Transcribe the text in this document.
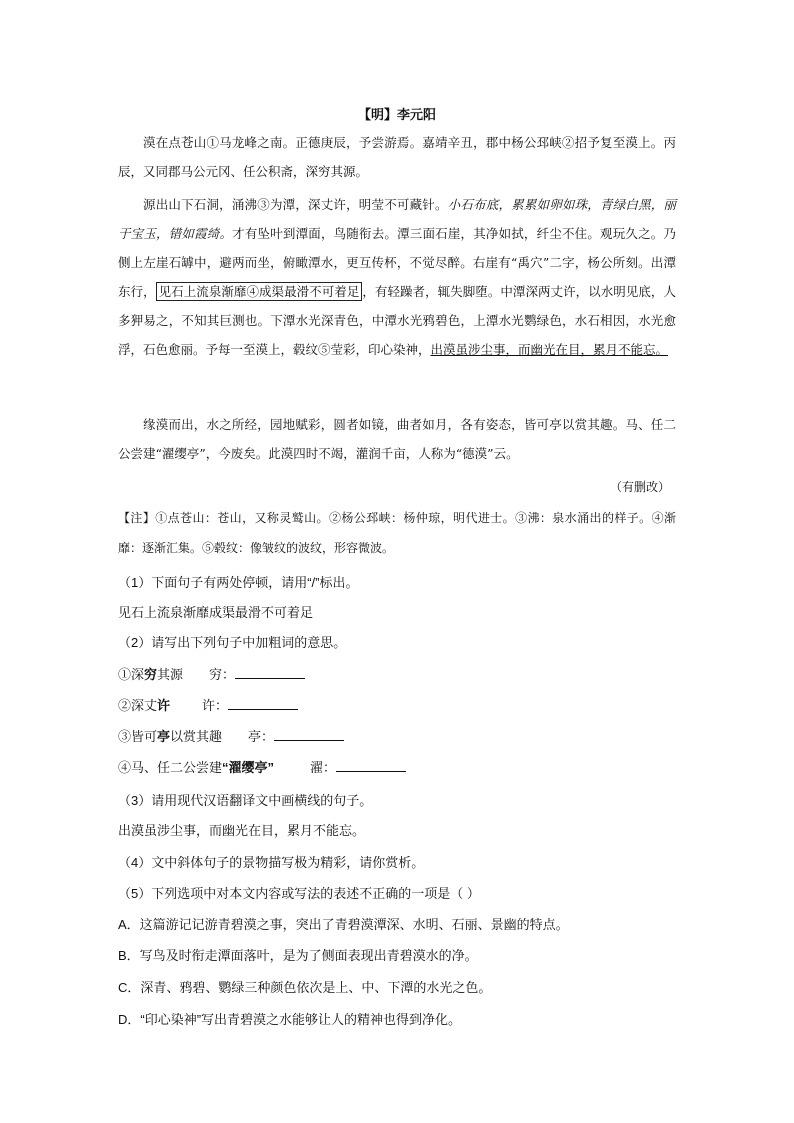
【明】李元阳

漠在点苍山①马龙峰之南。正德庚辰，予尝游焉。嘉靖辛丑，郡中杨公邳峡②招予复至漠上。丙辰，又同郡马公元冈、任公积斋，深穷其源。

源出山下石洞，涌沸③为潭，深丈许，明莹不可藏针。小石布底，累累如卵如珠，青绿白黑，丽于宝玉，错如霞绮。才有坠叶到潭面，鸟随衔去。潭三面石崖，其净如拭，纤尘不住。观玩久之。乃侧上左崖石罅中，避两而坐，俯瞰潭水，更互传杯，不觉尽醉。右崖有“禹穴”二字，杨公所刻。出潭东行， 见石上流泉渐靡④成渠最滑不可着足 ，有轻躁者，辄失脚堕。中潭深两丈许，以水明见底，人多狎易之，不知其巨测也。下潭水光深青色，中潭水光鸦碧色，上潭水光鹦绿色，水石相因，水光愈浮，石色愈丽。予每一至漠上，毂纹⑤莹彩，印心染神，出漠虽涉尘事，而幽光在目，累月不能忘。

缘漠而出，水之所经，园地赋彩，圆者如镜，曲者如月，各有姿态，皆可亭以赏其趣。马、任二公尝建“濯缨亭”，今废矣。此漠四时不竭，灌润千亩，人称为“德漠”云。

（有删改）

【注】①点苍山：苍山，又称灵鹫山。②杨公邳峡：杨仲琼，明代进士。③沸：泉水涌出的样子。④渐靡：逐渐汇集。⑤毂纹：像皱纹的波纹，形容微波。

（1）下面句子有两处停顿，请用“/”标出。
见石上流泉渐靡成渠最滑不可着足
（2）请写出下列句子中加粗词的意思。
①深穷其源 穷：
②深丈许 许：
③皆可亭以赏其趣 亭：
④马、任二公尝建“濯缨亭”	濯：
（3）请用现代汉语翻译文中画横线的句子。
出漠虽涉尘事，而幽光在目，累月不能忘。
（4）文中斜体句子的景物描写极为精彩，请你赏析。
（5）下列选项中对本文内容或写法的表述不正确的一项是（ ）
A．这篇游记记游青碧漠之事，突出了青碧漠潭深、水明、石丽、景幽的特点。
B．写鸟及时衔走潭面落叶，是为了侧面表现出青碧漠水的净。
C．深青、鸦碧、鹦绿三种颜色依次是上、中、下潭的水光之色。
D．“印心染神”写出青碧漠之水能够让人的精神也得到净化。
